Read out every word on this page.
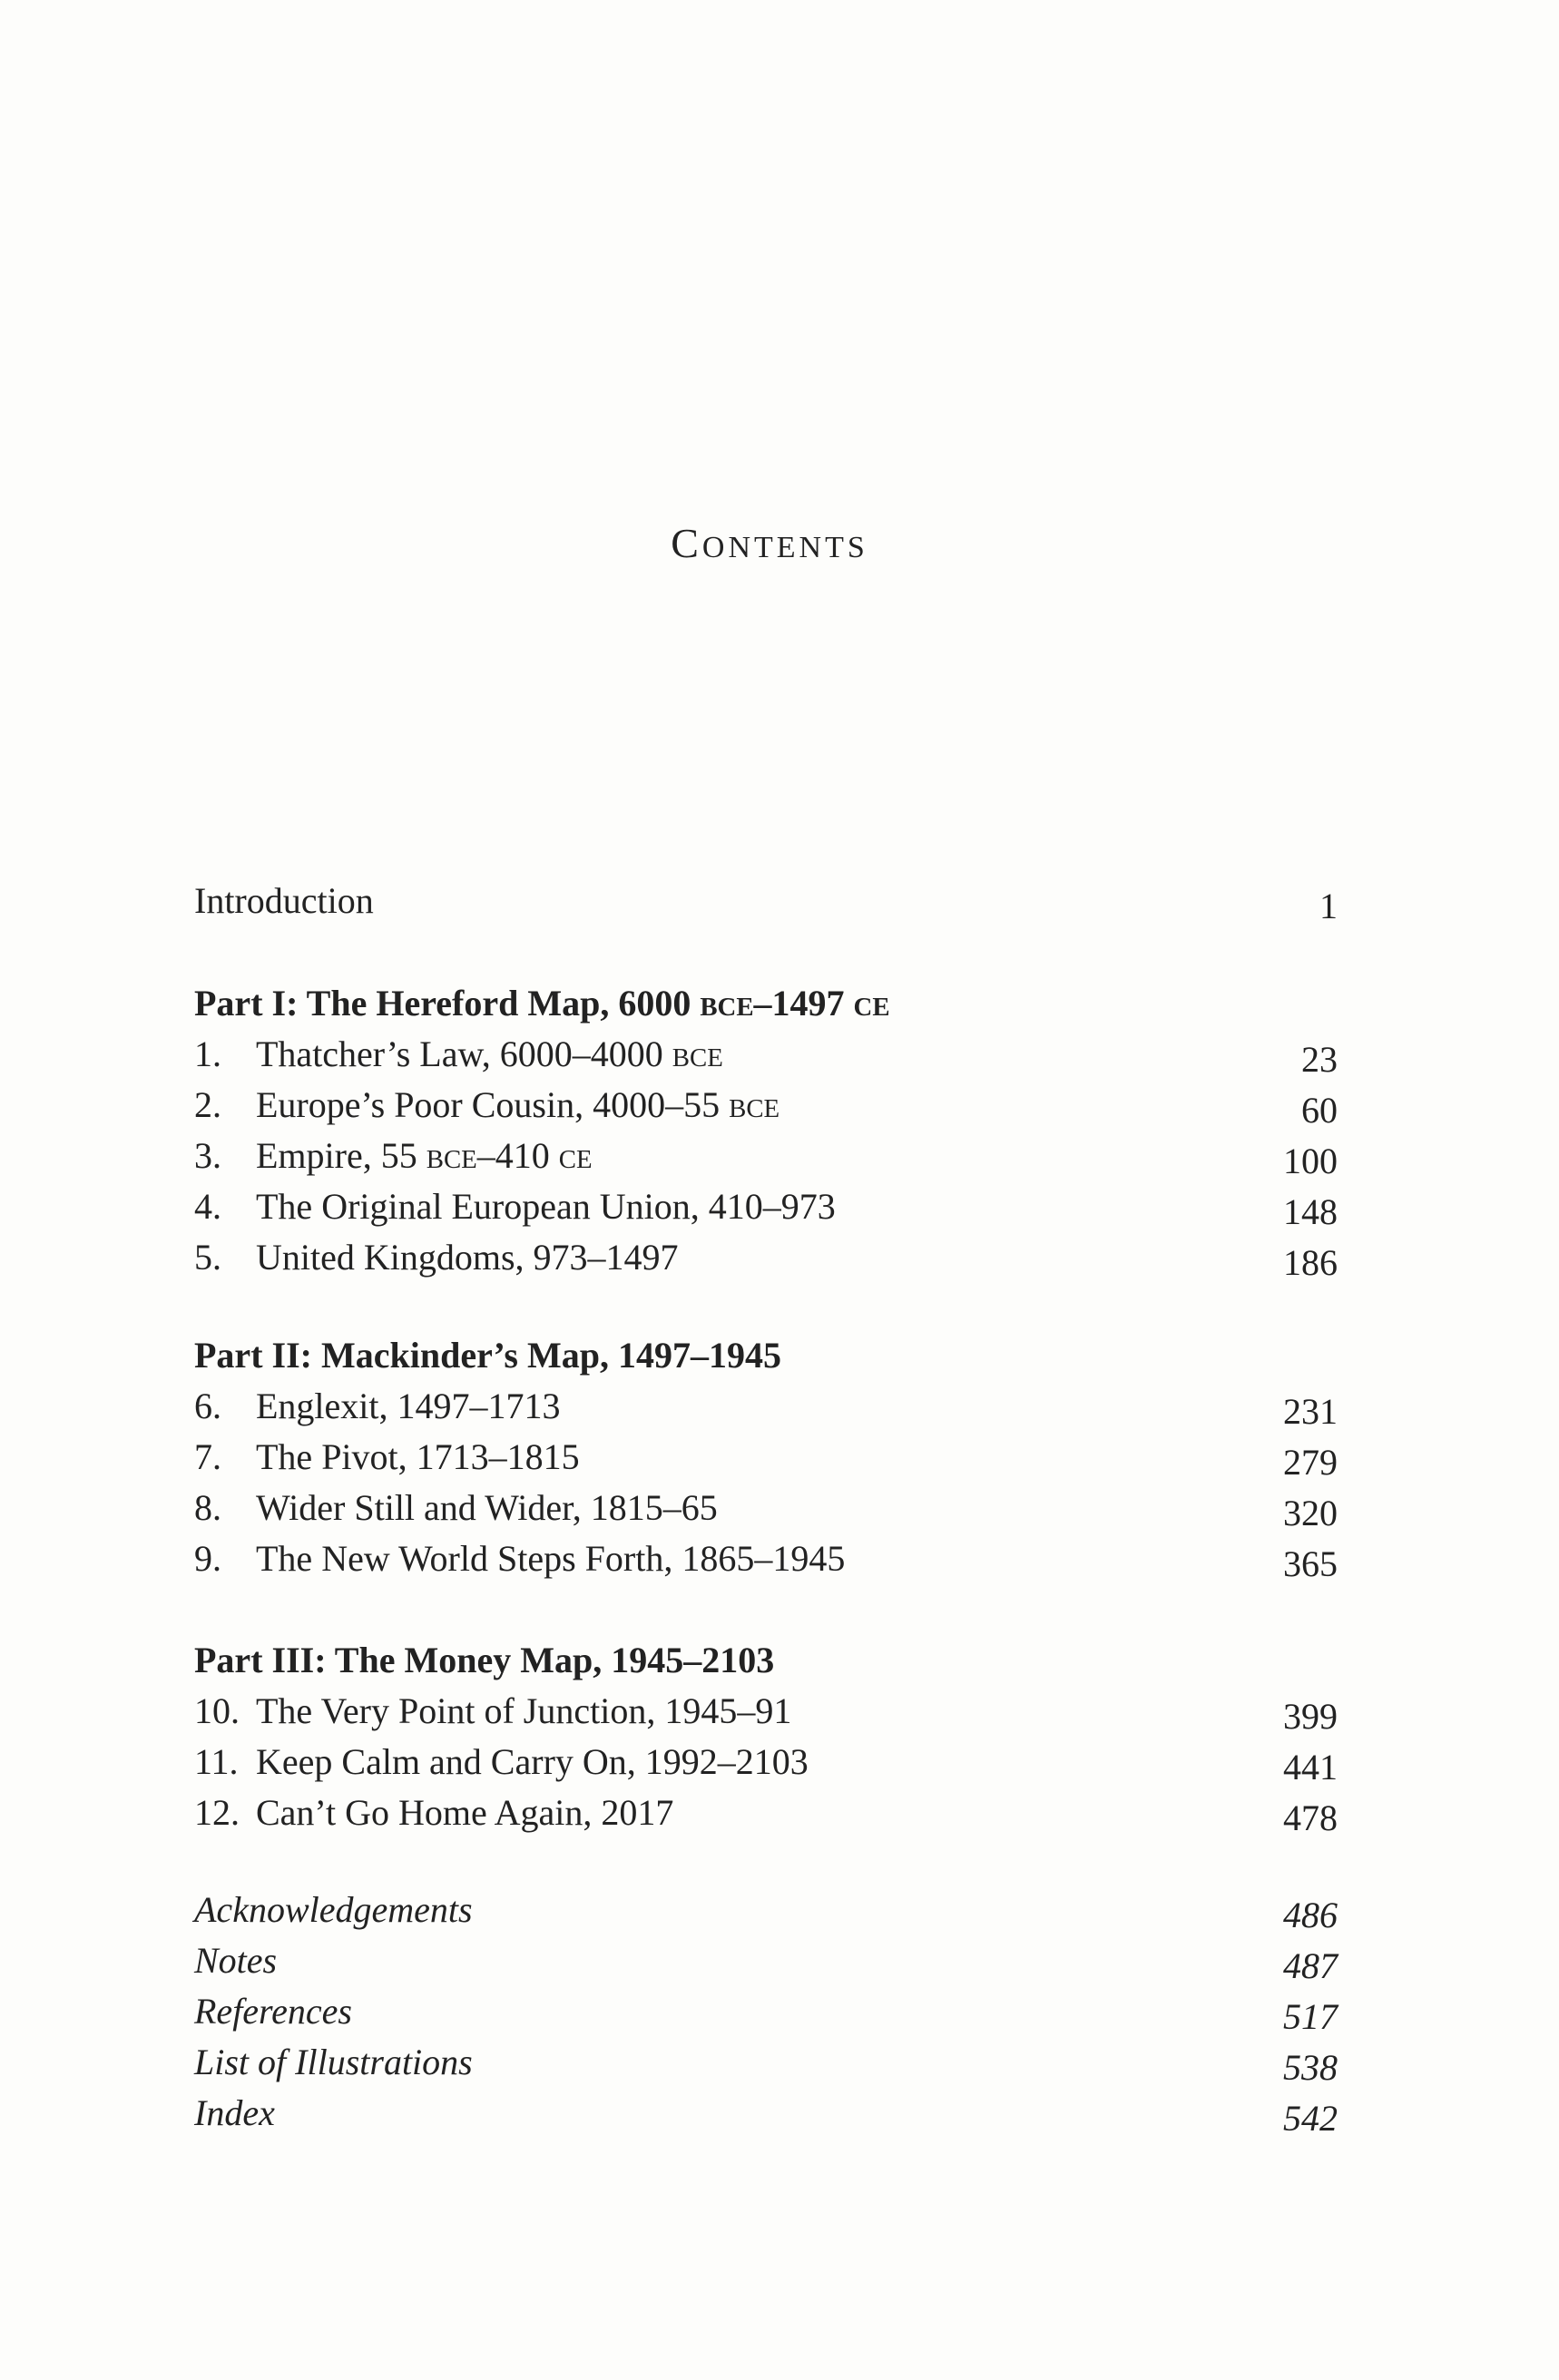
CONTENTS
Introduction	1
Part I: The Hereford Map, 6000 BCE–1497 CE
1. Thatcher’s Law, 6000–4000 BCE	23
2. Europe’s Poor Cousin, 4000–55 BCE	60
3. Empire, 55 BCE–410 CE	100
4. The Original European Union, 410–973	148
5. United Kingdoms, 973–1497	186
Part II: Mackinder’s Map, 1497–1945
6. Englexit, 1497–1713	231
7. The Pivot, 1713–1815	279
8. Wider Still and Wider, 1815–65	320
9. The New World Steps Forth, 1865–1945	365
Part III: The Money Map, 1945–2103
10. The Very Point of Junction, 1945–91	399
11. Keep Calm and Carry On, 1992–2103	441
12. Can’t Go Home Again, 2017	478
Acknowledgements	486
Notes	487
References	517
List of Illustrations	538
Index	542
